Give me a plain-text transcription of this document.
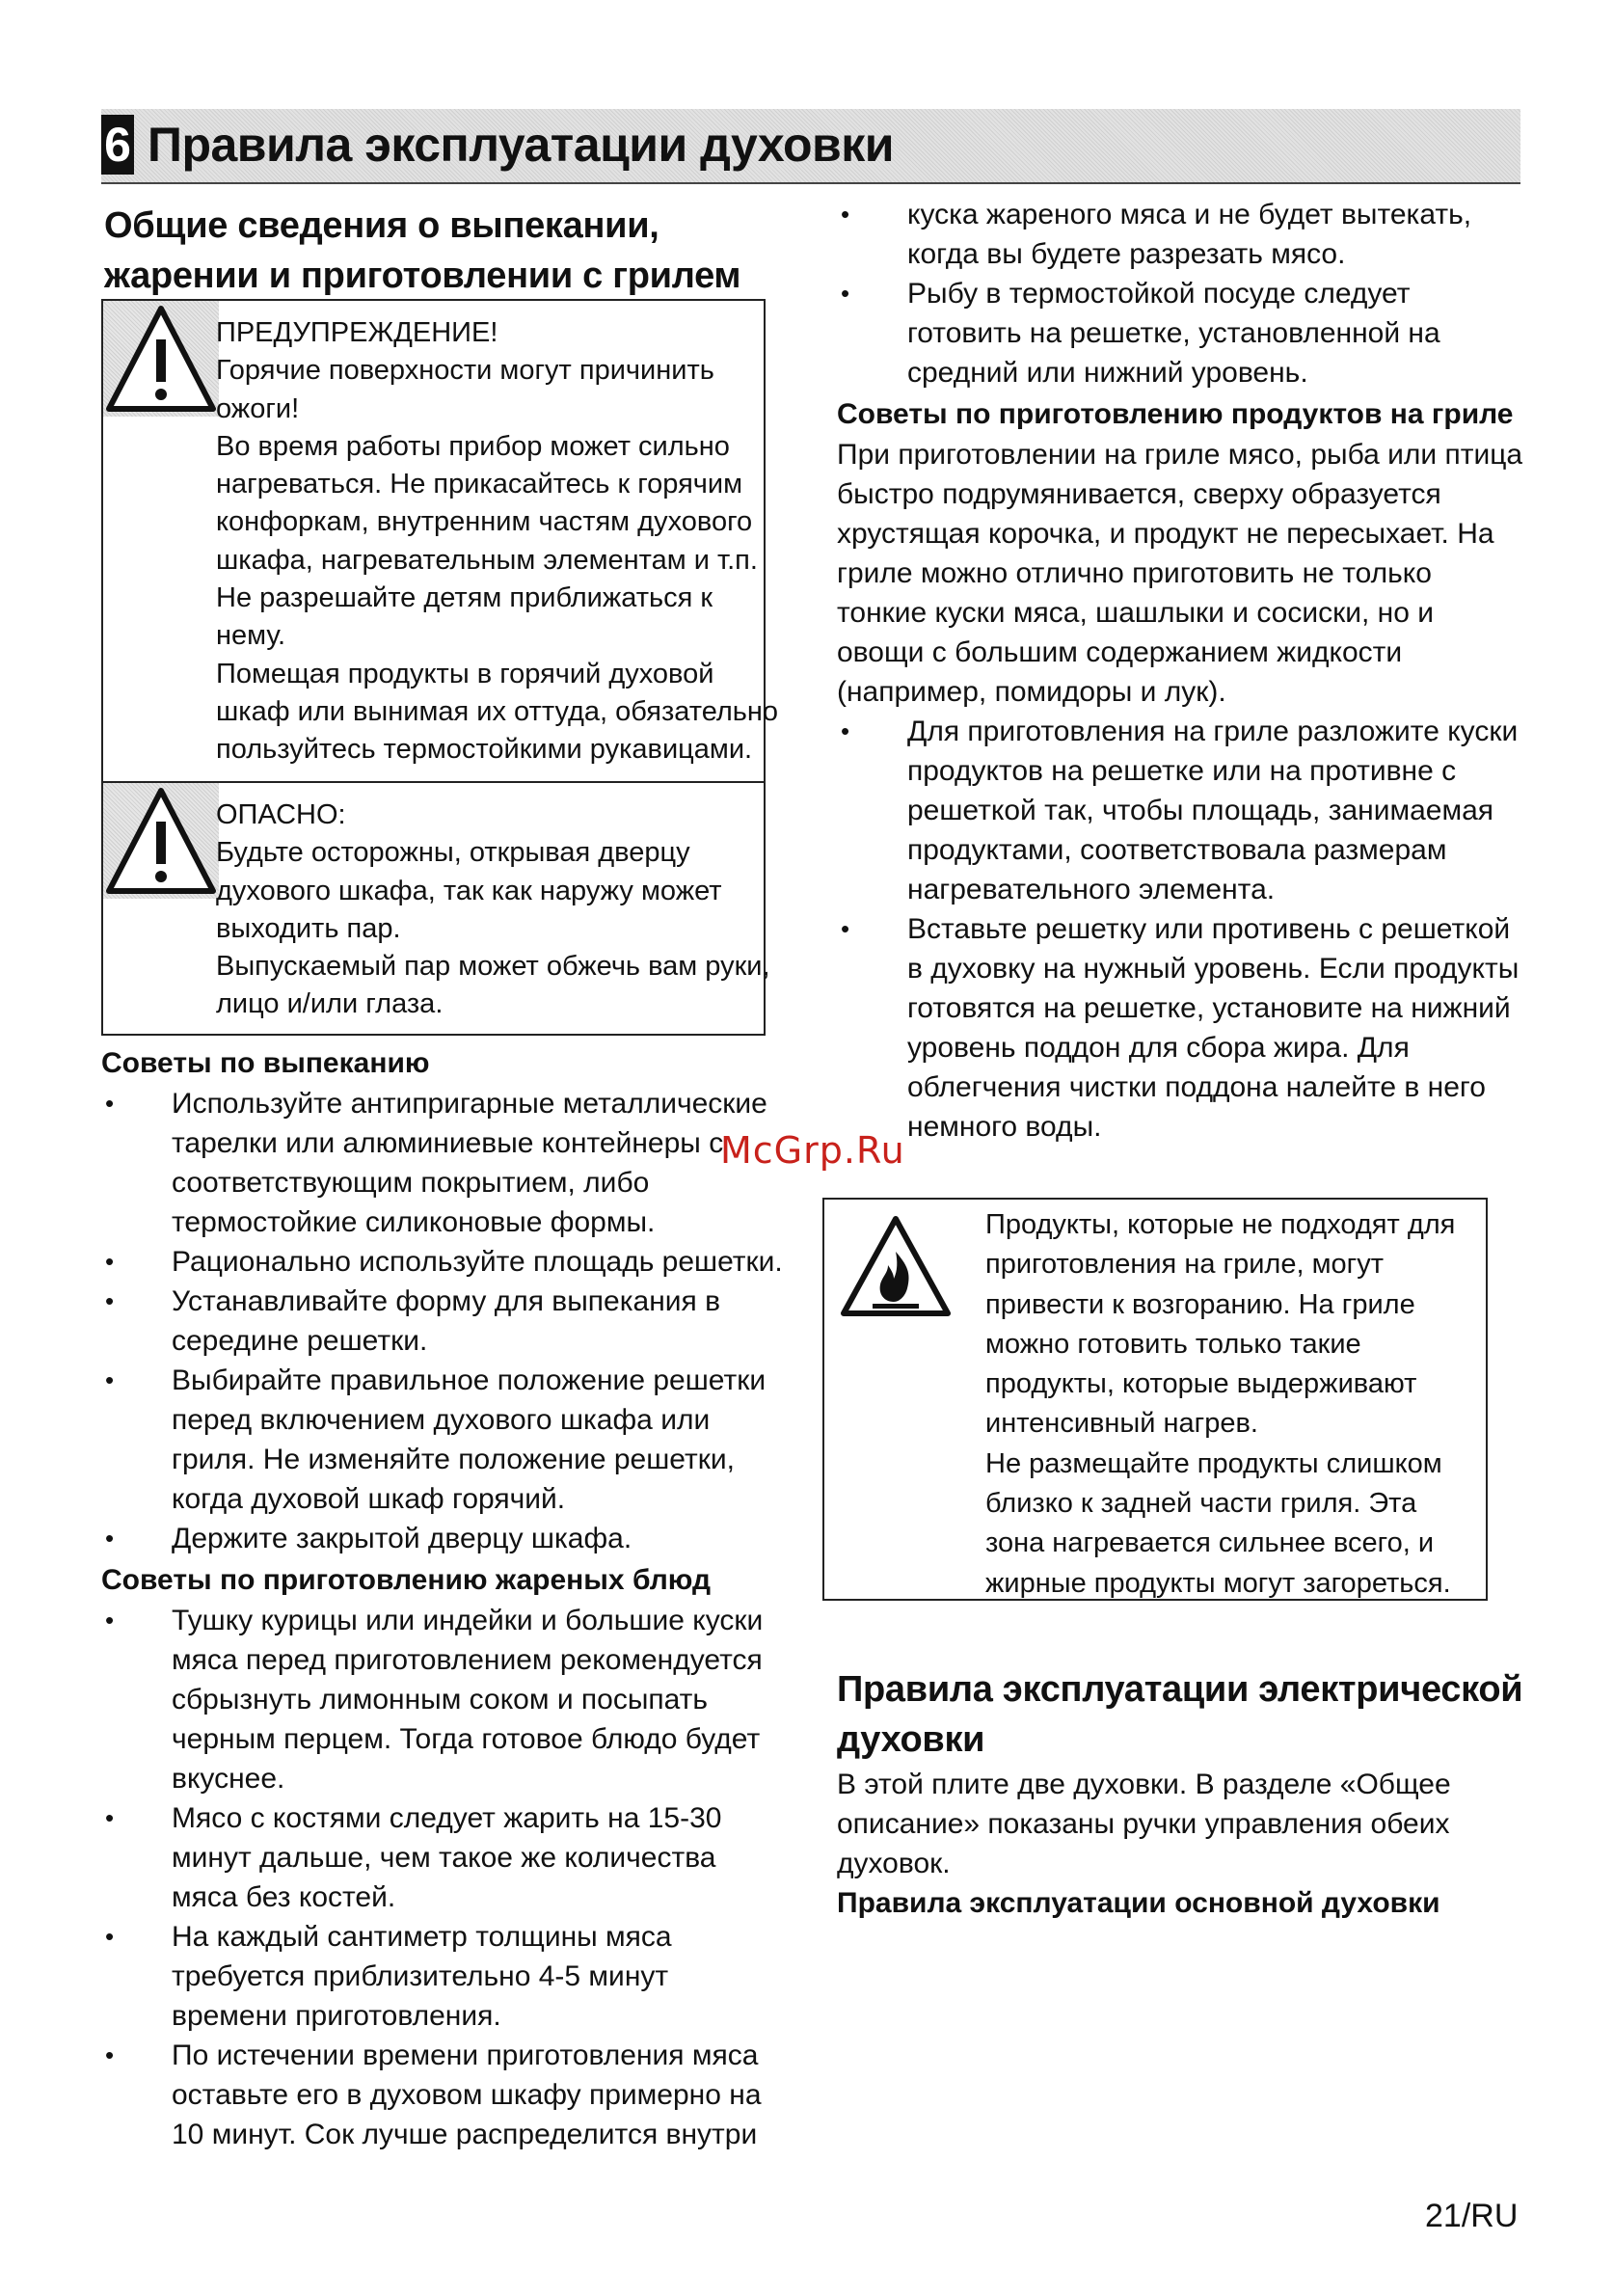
6 Правила эксплуатации духовки
Общие сведения о выпекании,
жарении и приготовлении с грилем
ПРЕДУПРЕЖДЕНИЕ!
Горячие поверхности могут причинить
ожоги!
Во время работы прибор может сильно
нагреваться. Не прикасайтесь к горячим
конфоркам, внутренним частям духового
шкафа, нагревательным элементам и т.п.
Не разрешайте детям приближаться к
нему.
Помещая продукты в горячий духовой
шкаф или вынимая их оттуда, обязательно
пользуйтесь термостойкими рукавицами.
ОПАСНО:
Будьте осторожны, открывая дверцу
духового шкафа, так как наружу может
выходить пар.
Выпускаемый пар может обжечь вам руки,
лицо и/или глаза.
Советы по выпеканию
• Используйте антипригарные металлические тарелки или алюминиевые контейнеры с соответствующим покрытием, либо термостойкие силиконовые формы.
• Рационально используйте площадь решетки.
• Устанавливайте форму для выпекания в середине решетки.
• Выбирайте правильное положение решетки перед включением духового шкафа или гриля. Не изменяйте положение решетки, когда духовой шкаф горячий.
• Держите закрытой дверцу шкафа.
Советы по приготовлению жареных блюд
• Тушку курицы или индейки и большие куски мяса перед приготовлением рекомендуется сбрызнуть лимонным соком и посыпать черным перцем. Тогда готовое блюдо будет вкуснее.
• Мясо с костями следует жарить на 15-30 минут дальше, чем такое же количества мяса без костей.
• На каждый сантиметр толщины мяса требуется приблизительно 4-5 минут времени приготовления.
• По истечении времени приготовления мяса оставьте его в духовом шкафу примерно на 10 минут. Сок лучше распределится внутри
• куска жареного мяса и не будет вытекать, когда вы будете разрезать мясо.
• Рыбу в термостойкой посуде следует готовить на решетке, установленной на средний или нижний уровень.
Советы по приготовлению продуктов на гриле
При приготовлении на гриле мясо, рыба или птица быстро подрумянивается, сверху образуется хрустящая корочка, и продукт не пересыхает. На гриле можно отлично приготовить не только тонкие куски мяса, шашлыки и сосиски, но и овощи с большим содержанием жидкости (например, помидоры и лук).
• Для приготовления на гриле разложите куски продуктов на решетке или на противне с решеткой так, чтобы площадь, занимаемая продуктами, соответствовала размерам нагревательного элемента.
• Вставьте решетку или противень с решеткой в духовку на нужный уровень. Если продукты готовятся на решетке, установите на нижний уровень поддон для сбора жира. Для облегчения чистки поддона налейте в него немного воды.
McGrp.Ru
Продукты, которые не подходят для
приготовления на гриле, могут
привести к возгоранию. На гриле
можно готовить только такие
продукты, которые выдерживают
интенсивный нагрев.
Не размещайте продукты слишком
близко к задней части гриля. Эта
зона нагревается сильнее всего, и
жирные продукты могут загореться.
Правила эксплуатации электрической
духовки
В этой плите две духовки. В разделе «Общее описание» показаны ручки управления обеих духовок.
Правила эксплуатации основной духовки
21/RU
